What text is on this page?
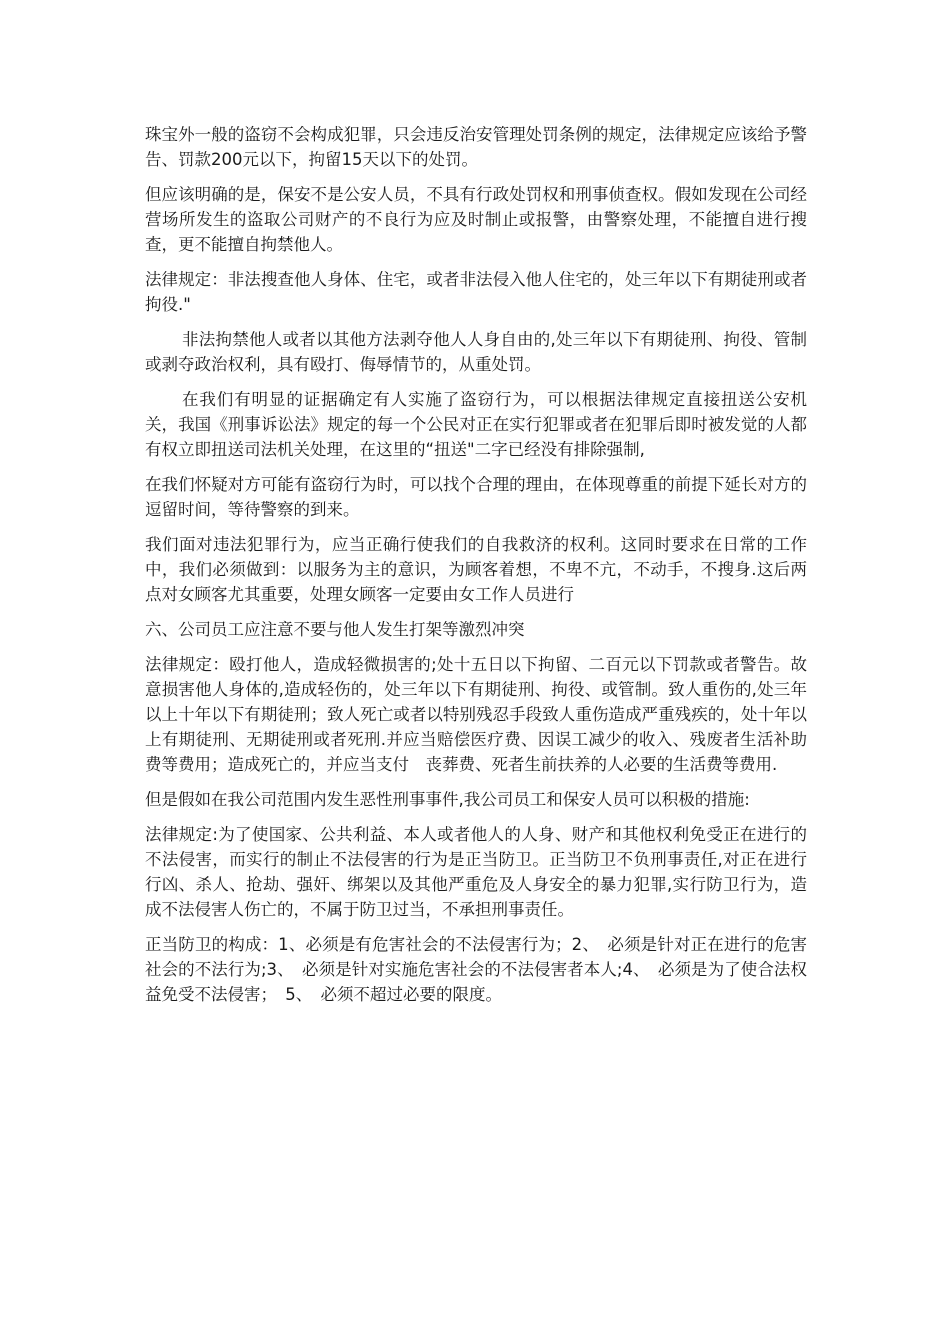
珠宝外一般的盗窃不会构成犯罪，只会违反治安管理处罚条例的规定，法律规定应该给予警告、罚款200元以下，拘留15天以下的处罚。

但应该明确的是，保安不是公安人员，不具有行政处罚权和刑事侦查权。假如发现在公司经营场所发生的盗取公司财产的不良行为应及时制止或报警，由警察处理，不能擅自进行搜查，更不能擅自拘禁他人。

法律规定：非法搜查他人身体、住宅，或者非法侵入他人住宅的，处三年以下有期徒刑或者拘役."

非法拘禁他人或者以其他方法剥夺他人人身自由的,处三年以下有期徒刑、拘役、管制或剥夺政治权利，具有殴打、侮辱情节的，从重处罚。

在我们有明显的证据确定有人实施了盗窃行为，可以根据法律规定直接扭送公安机关，我国《刑事诉讼法》规定的每一个公民对正在实行犯罪或者在犯罪后即时被发觉的人都有权立即扭送司法机关处理，在这里的“扭送"二字已经没有排除强制,

在我们怀疑对方可能有盗窃行为时，可以找个合理的理由，在体现尊重的前提下延长对方的逗留时间，等待警察的到来。

我们面对违法犯罪行为，应当正确行使我们的自我救济的权利。这同时要求在日常的工作中，我们必须做到：以服务为主的意识，为顾客着想，不卑不亢，不动手，不搜身.这后两点对女顾客尤其重要，处理女顾客一定要由女工作人员进行

六、公司员工应注意不要与他人发生打架等激烈冲突

法律规定：殴打他人，造成轻微损害的;处十五日以下拘留、二百元以下罚款或者警告。故意损害他人身体的,造成轻伤的，处三年以下有期徒刑、拘役、或管制。致人重伤的,处三年以上十年以下有期徒刑；致人死亡或者以特别残忍手段致人重伤造成严重残疾的，处十年以上有期徒刑、无期徒刑或者死刑.并应当赔偿医疗费、因误工减少的收入、残废者生活补助费等费用；造成死亡的，并应当支付　丧葬费、死者生前扶养的人必要的生活费等费用.

但是假如在我公司范围内发生恶性刑事事件,我公司员工和保安人员可以积极的措施:

法律规定:为了使国家、公共利益、本人或者他人的人身、财产和其他权利免受正在进行的不法侵害，而实行的制止不法侵害的行为是正当防卫。正当防卫不负刑事责任,对正在进行行凶、杀人、抢劫、强奸、绑架以及其他严重危及人身安全的暴力犯罪,实行防卫行为，造成不法侵害人伤亡的，不属于防卫过当，不承担刑事责任。

正当防卫的构成：1、必须是有危害社会的不法侵害行为；2、　必须是针对正在进行的危害社会的不法行为;3、　必须是针对实施危害社会的不法侵害者本人;4、　必须是为了使合法权益免受不法侵害；　5、　必须不超过必要的限度。
